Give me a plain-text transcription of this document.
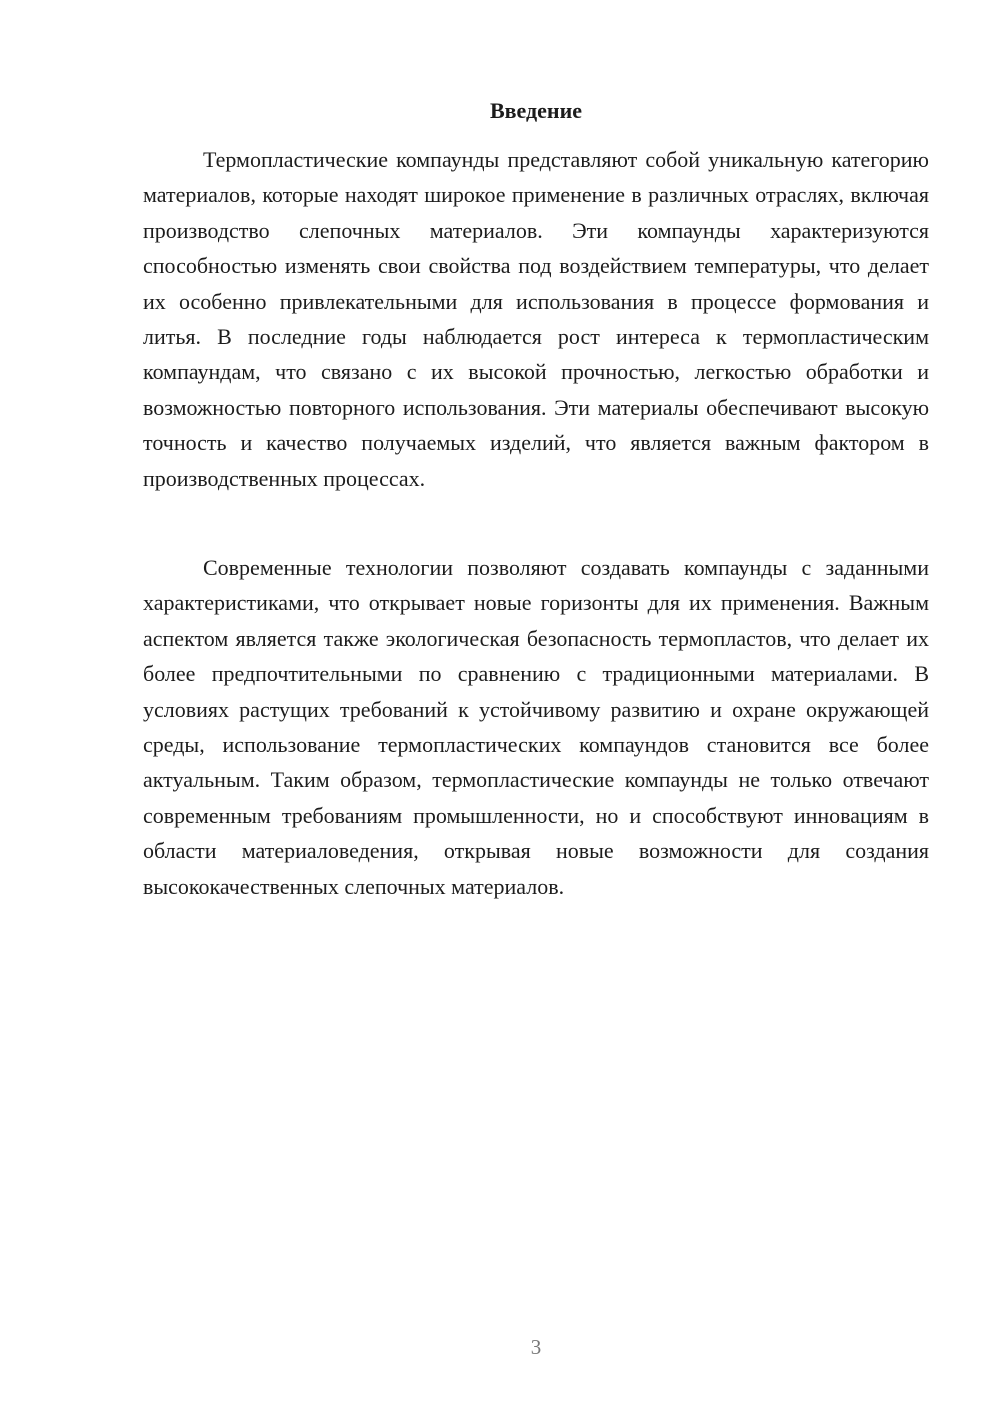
Введение

Термопластические компаунды представляют собой уникальную категорию материалов, которые находят широкое применение в различных отраслях, включая производство слепочных материалов. Эти компаунды характеризуются способностью изменять свои свойства под воздействием температуры, что делает их особенно привлекательными для использования в процессе формования и литья. В последние годы наблюдается рост интереса к термопластическим компаундам, что связано с их высокой прочностью, легкостью обработки и возможностью повторного использования. Эти материалы обеспечивают высокую точность и качество получаемых изделий, что является важным фактором в производственных процессах.

Современные технологии позволяют создавать компаунды с заданными характеристиками, что открывает новые горизонты для их применения. Важным аспектом является также экологическая безопасность термопластов, что делает их более предпочтительными по сравнению с традиционными материалами. В условиях растущих требований к устойчивому развитию и охране окружающей среды, использование термопластических компаундов становится все более актуальным. Таким образом, термопластические компаунды не только отвечают современным требованиям промышленности, но и способствуют инновациям в области материаловедения, открывая новые возможности для создания высококачественных слепочных материалов.

3
